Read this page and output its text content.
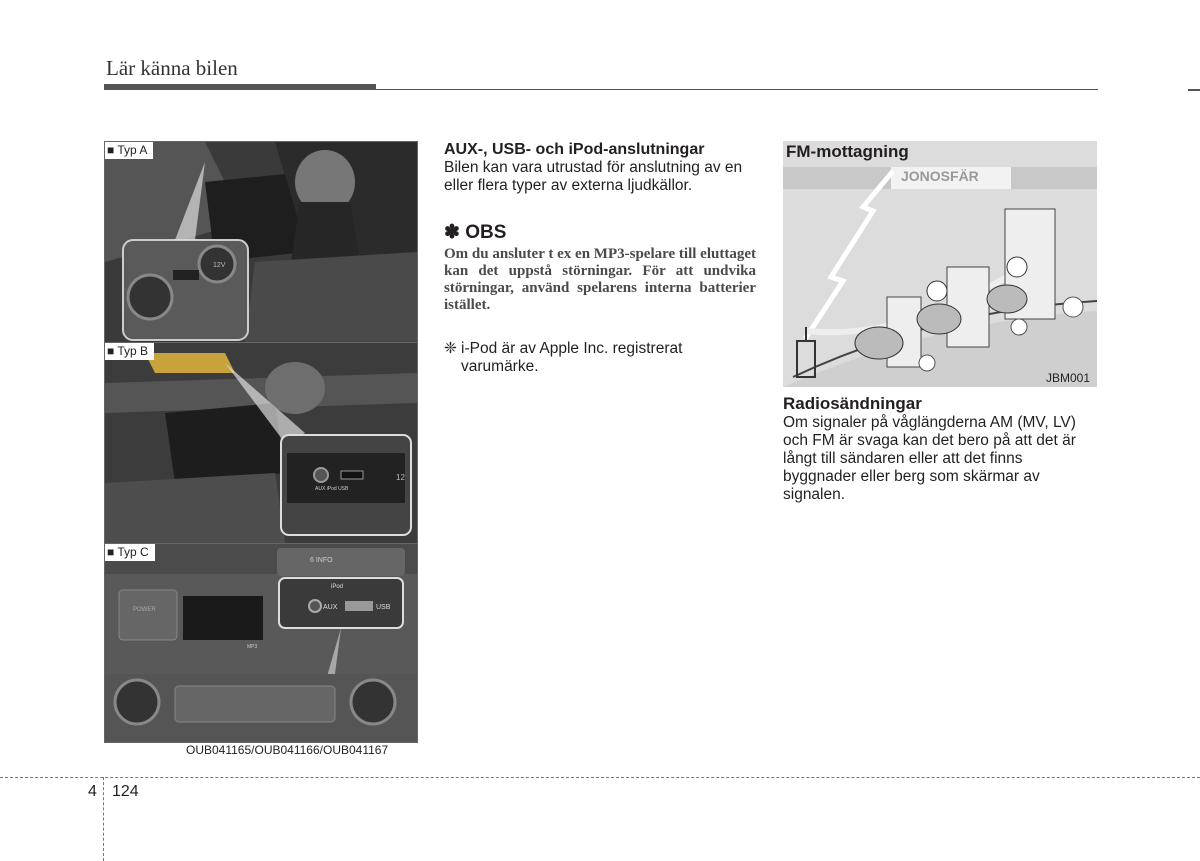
Lär känna bilen
12V
■ Typ A
AUX iPod USB
12
■ Typ B
POWER
MP3
6 INFO
iPod
AUX	USB
■ Typ C
OUB041165/OUB041166/OUB041167
AUX-, USB- och iPod-anslutningar
Bilen kan vara utrustad för anslutning av en eller flera typer av externa ljudkällor.
✽ OBS
Om du ansluter t ex en MP3-spelare till eluttaget kan det uppstå störningar. För att undvika störningar, använd spelarens interna batterier istället.
❈ i-Pod är av Apple Inc. registrerat varumärke.
FM-mottagning
JONOSFÄR
JBM001
Radiosändningar
Om signaler på våglängderna AM (MV, LV) och FM är svaga kan det bero på att det är långt till sändaren eller att det finns byggnader eller berg som skärmar av signalen.
4 124
